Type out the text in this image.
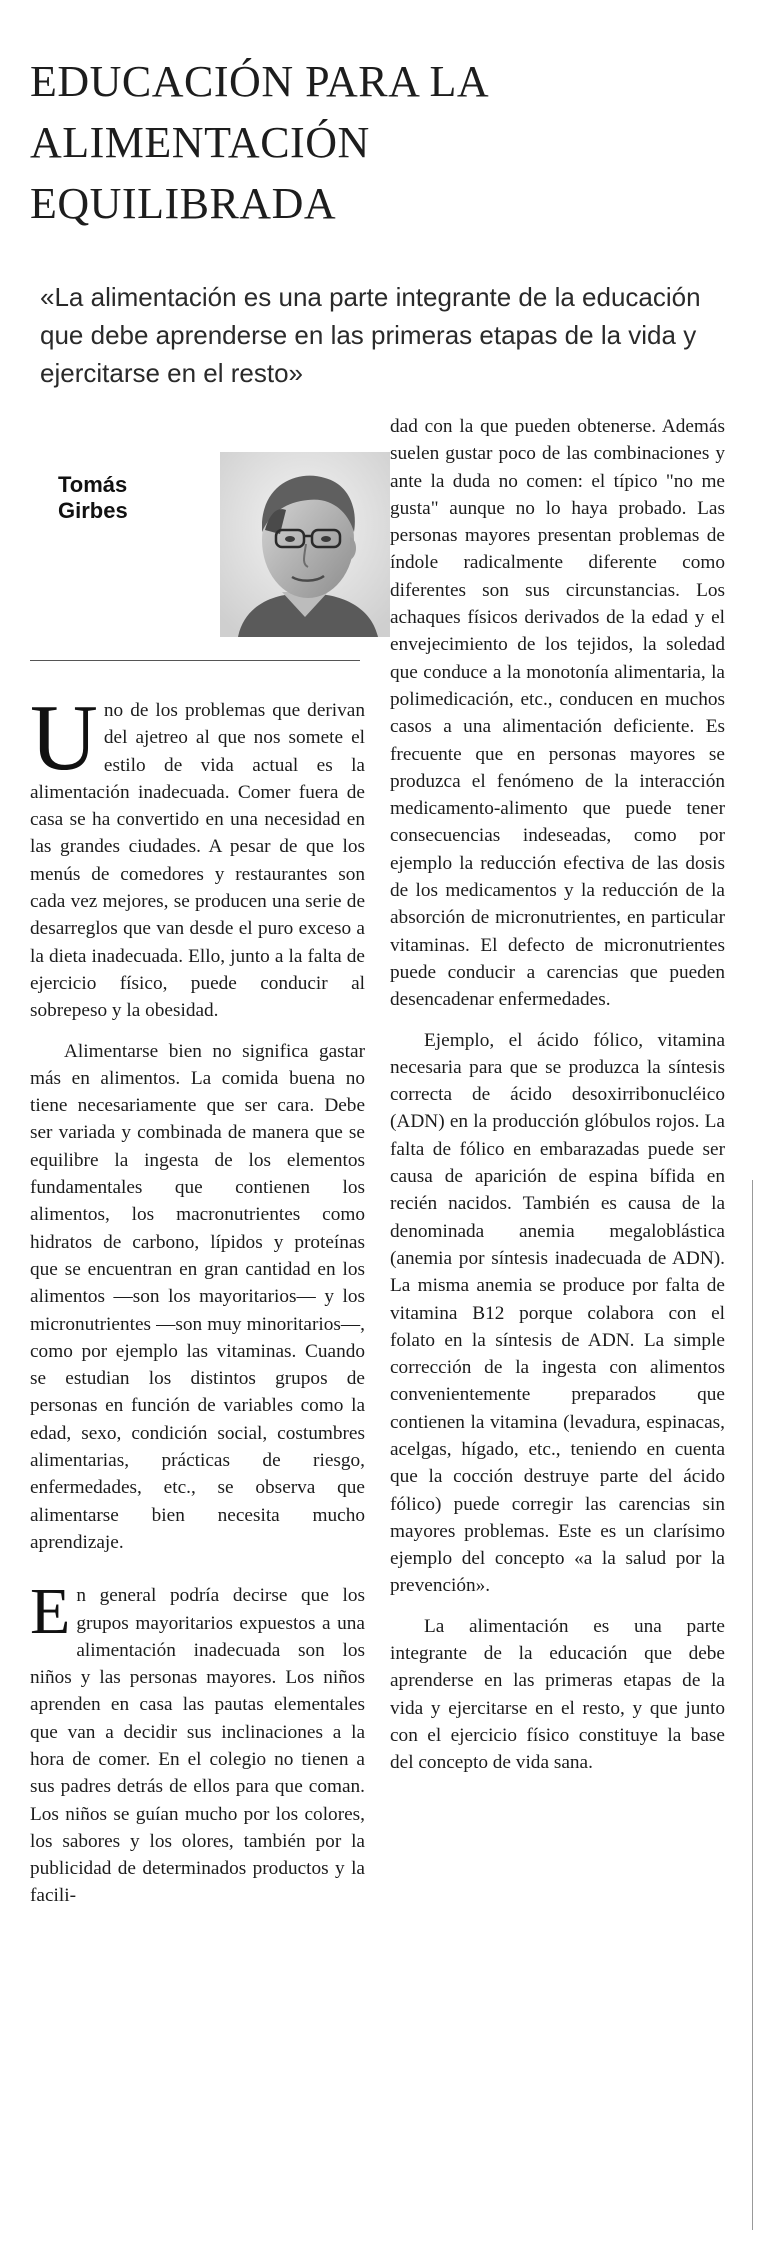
EDUCACIÓN PARA LA
ALIMENTACIÓN
EQUILIBRADA
«La alimentación es una parte integrante de la educación que debe aprenderse en las primeras etapas de la vida y ejercitarse en el resto»
Tomás
Girbes

Uno de los problemas que derivan del ajetreo al que nos somete el estilo de vida actual es la alimentación inadecuada. Comer fuera de casa se ha convertido en una necesidad en las grandes ciudades. A pesar de que los menús de comedores y restaurantes son cada vez mejores, se producen una serie de desarreglos que van desde el puro exceso a la dieta inadecuada. Ello, junto a la falta de ejercicio físico, puede conducir al sobrepeso y la obesidad.

Alimentarse bien no significa gastar más en alimentos. La comida buena no tiene necesariamente que ser cara. Debe ser variada y combinada de manera que se equilibre la ingesta de los elementos fundamentales que contienen los alimentos, los macronutrientes como hidratos de carbono, lípidos y proteínas que se encuentran en gran cantidad en los alimentos —son los mayoritarios— y los micronutrientes —son muy minoritarios—, como por ejemplo las vitaminas. Cuando se estudian los distintos grupos de personas en función de variables como la edad, sexo, condición social, costumbres alimentarias, prácticas de riesgo, enfermedades, etc., se observa que alimentarse bien necesita mucho aprendizaje.

En general podría decirse que los grupos mayoritarios expuestos a una alimentación inadecuada son los niños y las personas mayores. Los niños aprenden en casa las pautas elementales que van a decidir sus inclinaciones a la hora de comer. En el colegio no tienen a sus padres detrás de ellos para que coman. Los niños se guían mucho por los colores, los sabores y los olores, también por la publicidad de determinados productos y la facili-

dad con la que pueden obtenerse. Además suelen gustar poco de las combinaciones y ante la duda no comen: el típico "no me gusta" aunque no lo haya probado. Las personas mayores presentan problemas de índole radicalmente diferente como diferentes son sus circunstancias. Los achaques físicos derivados de la edad y el envejecimiento de los tejidos, la soledad que conduce a la monotonía alimentaria, la polimedicación, etc., conducen en muchos casos a una alimentación deficiente. Es frecuente que en personas mayores se produzca el fenómeno de la interacción medicamento-alimento que puede tener consecuencias indeseadas, como por ejemplo la reducción efectiva de las dosis de los medicamentos y la reducción de la absorción de micronutrientes, en particular vitaminas. El defecto de micronutrientes puede conducir a carencias que pueden desencadenar enfermedades.

Ejemplo, el ácido fólico, vitamina necesaria para que se produzca la síntesis correcta de ácido desoxirribonucléico (ADN) en la producción glóbulos rojos. La falta de fólico en embarazadas puede ser causa de aparición de espina bífida en recién nacidos. También es causa de la denominada anemia megaloblástica (anemia por síntesis inadecuada de ADN). La misma anemia se produce por falta de vitamina B12 porque colabora con el folato en la síntesis de ADN. La simple corrección de la ingesta con alimentos convenientemente preparados que contienen la vitamina (levadura, espinacas, acelgas, hígado, etc., teniendo en cuenta que la cocción destruye parte del ácido fólico) puede corregir las carencias sin mayores problemas. Este es un clarísimo ejemplo del concepto «a la salud por la prevención».

La alimentación es una parte integrante de la educación que debe aprenderse en las primeras etapas de la vida y ejercitarse en el resto, y que junto con el ejercicio físico constituye la base del concepto de vida sana.
